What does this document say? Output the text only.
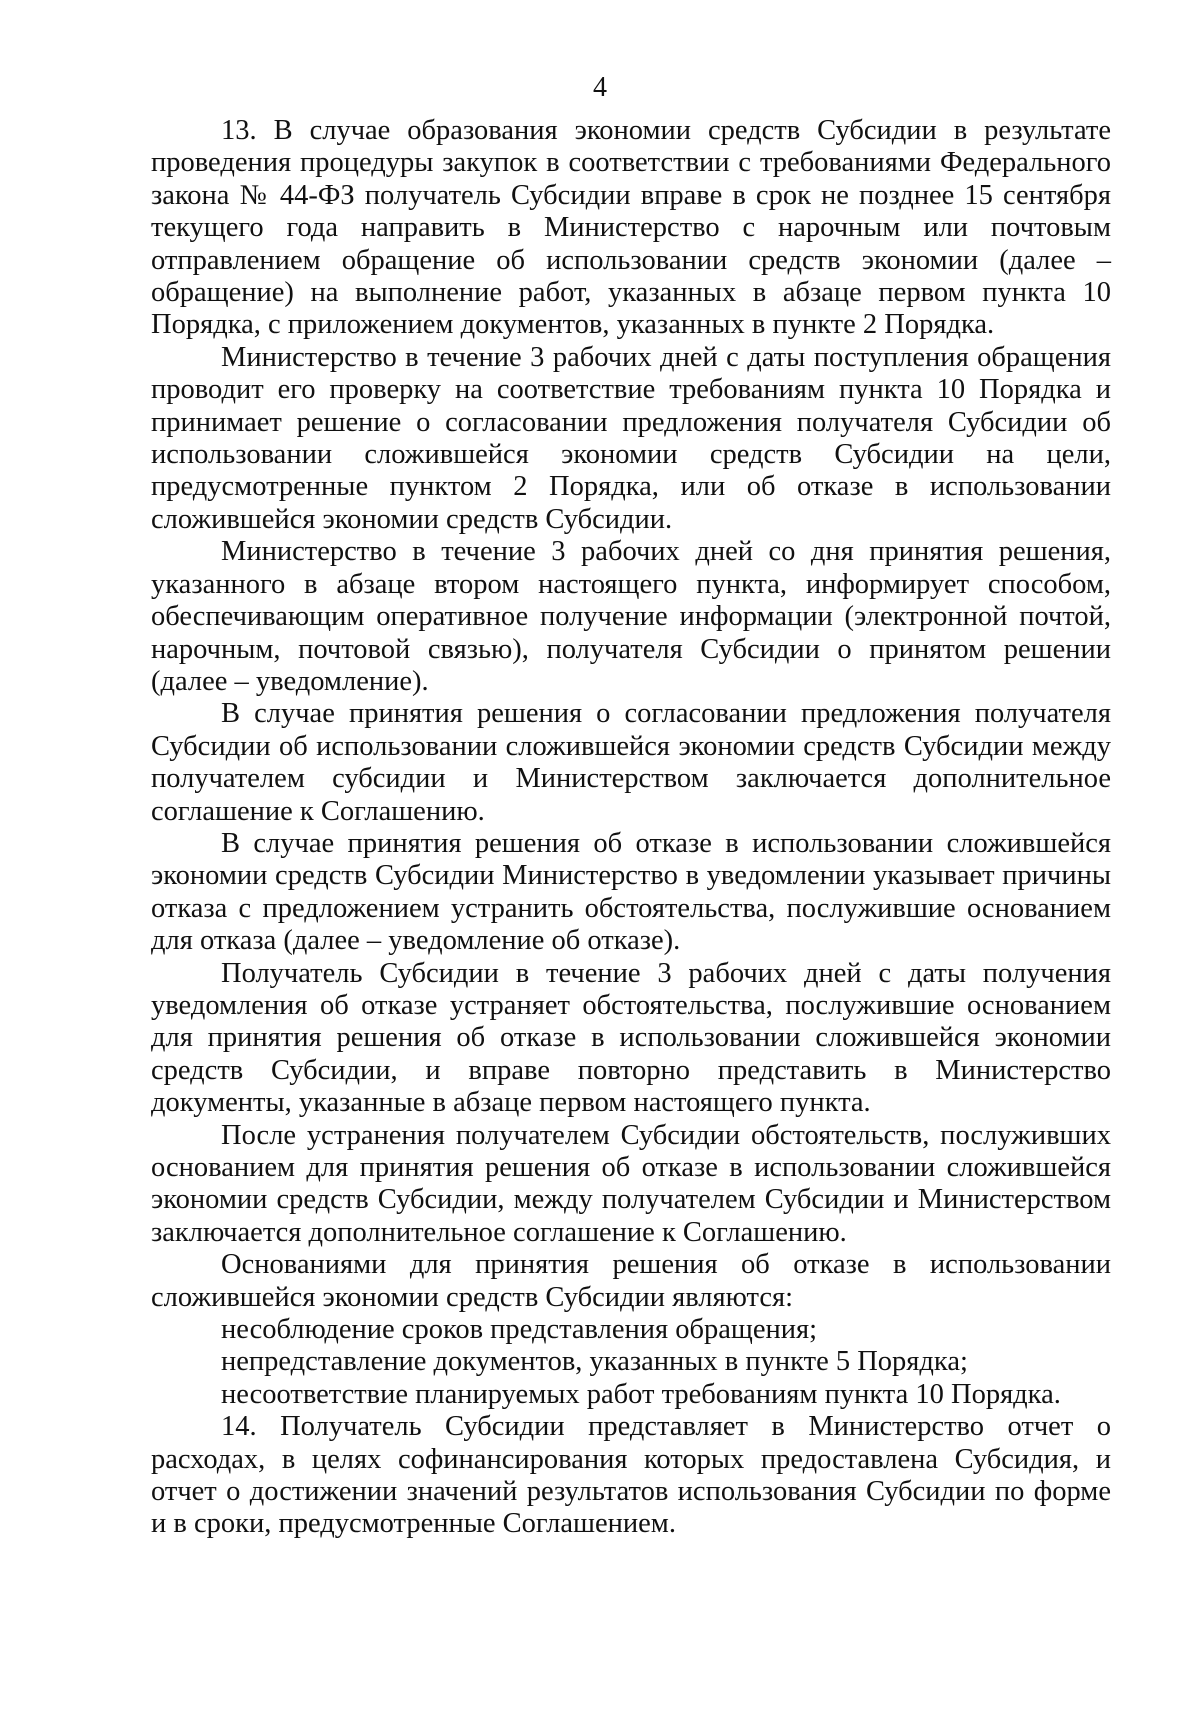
4

13. В случае образования экономии средств Субсидии в результате проведения процедуры закупок в соответствии с требованиями Федерального закона № 44-ФЗ получатель Субсидии вправе в срок не позднее 15 сентября текущего года направить в Министерство с нарочным или почтовым отправлением обращение об использовании средств экономии (далее – обращение) на выполнение работ, указанных в абзаце первом пункта 10 Порядка, с приложением документов, указанных в пункте 2 Порядка.

Министерство в течение 3 рабочих дней с даты поступления обращения проводит его проверку на соответствие требованиям пункта 10 Порядка и принимает решение о согласовании предложения получателя Субсидии об использовании сложившейся экономии средств Субсидии на цели, предусмотренные пунктом 2 Порядка, или об отказе в использовании сложившейся экономии средств Субсидии.

Министерство в течение 3 рабочих дней со дня принятия решения, указанного в абзаце втором настоящего пункта, информирует способом, обеспечивающим оперативное получение информации (электронной почтой, нарочным, почтовой связью), получателя Субсидии о принятом решении (далее – уведомление).

В случае принятия решения о согласовании предложения получателя Субсидии об использовании сложившейся экономии средств Субсидии между получателем субсидии и Министерством заключается дополнительное соглашение к Соглашению.

В случае принятия решения об отказе в использовании сложившейся экономии средств Субсидии Министерство в уведомлении указывает причины отказа с предложением устранить обстоятельства, послужившие основанием для отказа (далее – уведомление об отказе).

Получатель Субсидии в течение 3 рабочих дней с даты получения уведомления об отказе устраняет обстоятельства, послужившие основанием для принятия решения об отказе в использовании сложившейся экономии средств Субсидии, и вправе повторно представить в Министерство документы, указанные в абзаце первом настоящего пункта.

После устранения получателем Субсидии обстоятельств, послуживших основанием для принятия решения об отказе в использовании сложившейся экономии средств Субсидии, между получателем Субсидии и Министерством заключается дополнительное соглашение к Соглашению.

Основаниями для принятия решения об отказе в использовании сложившейся экономии средств Субсидии являются:

несоблюдение сроков представления обращения;

непредставление документов, указанных в пункте 5 Порядка;

несоответствие планируемых работ требованиям пункта 10 Порядка.

14. Получатель Субсидии представляет в Министерство отчет о расходах, в целях софинансирования которых предоставлена Субсидия, и отчет о достижении значений результатов использования Субсидии по форме и в сроки, предусмотренные Соглашением.
